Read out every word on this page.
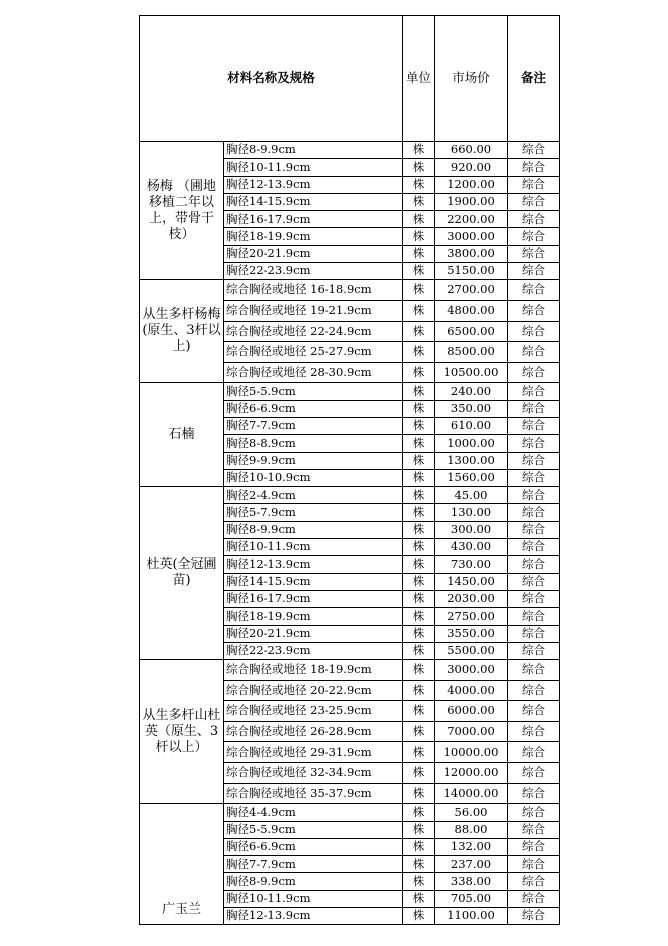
材料名称及规格		单位	市场价	备注
杨梅 （圃地移植二年以上，带骨干枝）	胸径8-9.9cm	株	660.00	综合
	胸径10-11.9cm	株	920.00	综合
	胸径12-13.9cm	株	1200.00	综合
	胸径14-15.9cm	株	1900.00	综合
	胸径16-17.9cm	株	2200.00	综合
	胸径18-19.9cm	株	3000.00	综合
	胸径20-21.9cm	株	3800.00	综合
	胸径22-23.9cm	株	5150.00	综合
从生多杆杨梅(原生、3杆以上)	综合胸径或地径 16-18.9cm	株	2700.00	综合
	综合胸径或地径 19-21.9cm	株	4800.00	综合
	综合胸径或地径 22-24.9cm	株	6500.00	综合
	综合胸径或地径 25-27.9cm	株	8500.00	综合
	综合胸径或地径 28-30.9cm	株	10500.00	综合
石楠	胸径5-5.9cm	株	240.00	综合
	胸径6-6.9cm	株	350.00	综合
	胸径7-7.9cm	株	610.00	综合
	胸径8-8.9cm	株	1000.00	综合
	胸径9-9.9cm	株	1300.00	综合
	胸径10-10.9cm	株	1560.00	综合
杜英(全冠圃苗)	胸径2-4.9cm	株	45.00	综合
	胸径5-7.9cm	株	130.00	综合
	胸径8-9.9cm	株	300.00	综合
	胸径10-11.9cm	株	430.00	综合
	胸径12-13.9cm	株	730.00	综合
	胸径14-15.9cm	株	1450.00	综合
	胸径16-17.9cm	株	2030.00	综合
	胸径18-19.9cm	株	2750.00	综合
	胸径20-21.9cm	株	3550.00	综合
	胸径22-23.9cm	株	5500.00	综合
从生多杆山杜英（原生、3杆以上）	综合胸径或地径 18-19.9cm	株	3000.00	综合
	综合胸径或地径 20-22.9cm	株	4000.00	综合
	综合胸径或地径 23-25.9cm	株	6000.00	综合
	综合胸径或地径 26-28.9cm	株	7000.00	综合
	综合胸径或地径 29-31.9cm	株	10000.00	综合
	综合胸径或地径 32-34.9cm	株	12000.00	综合
	综合胸径或地径 35-37.9cm	株	14000.00	综合
广玉兰	胸径4-4.9cm	株	56.00	综合
	胸径5-5.9cm	株	88.00	综合
	胸径6-6.9cm	株	132.00	综合
	胸径7-7.9cm	株	237.00	综合
	胸径8-9.9cm	株	338.00	综合
	胸径10-11.9cm	株	705.00	综合
	胸径12-13.9cm	株	1100.00	综合
